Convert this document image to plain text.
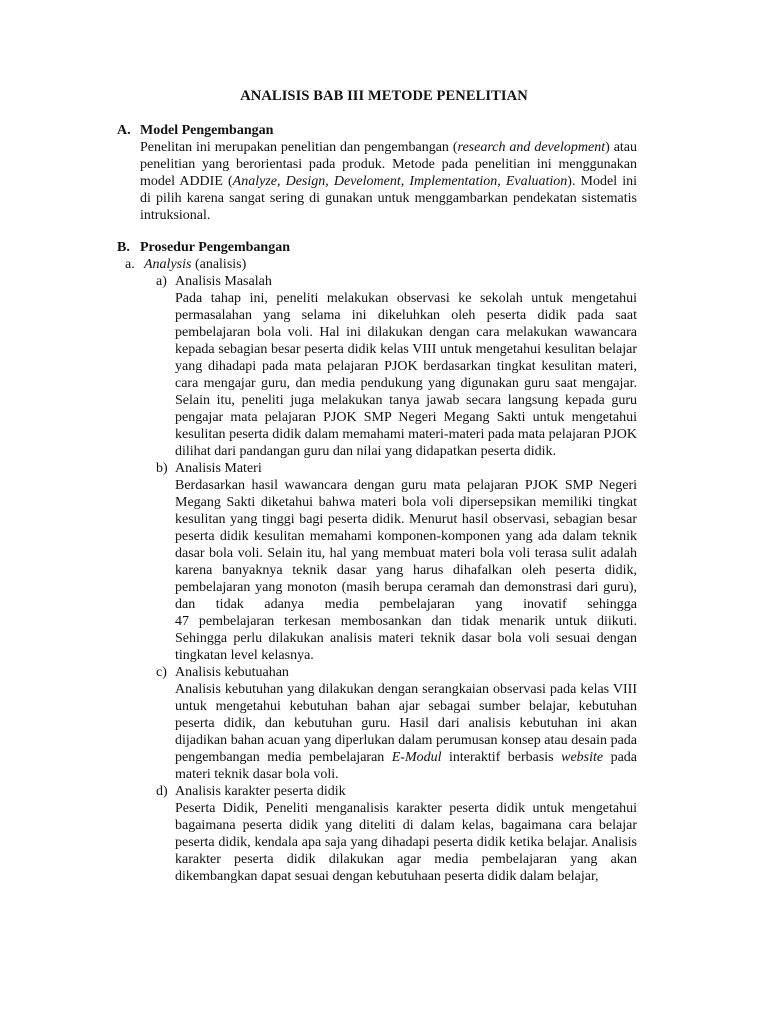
ANALISIS BAB III METODE PENELITIAN
A. Model Pengembangan
Penelitan ini merupakan penelitian dan pengembangan (research and development) atau penelitian yang berorientasi pada produk. Metode pada penelitian ini menggunakan model ADDIE (Analyze, Design, Develoment, Implementation, Evaluation). Model ini di pilih karena sangat sering di gunakan untuk menggambarkan pendekatan sistematis intruksional.
B. Prosedur Pengembangan
a. Analysis (analisis)
a) Analisis Masalah
Pada tahap ini, peneliti melakukan observasi ke sekolah untuk mengetahui permasalahan yang selama ini dikeluhkan oleh peserta didik pada saat pembelajaran bola voli. Hal ini dilakukan dengan cara melakukan wawancara kepada sebagian besar peserta didik kelas VIII untuk mengetahui kesulitan belajar yang dihadapi pada mata pelajaran PJOK berdasarkan tingkat kesulitan materi, cara mengajar guru, dan media pendukung yang digunakan guru saat mengajar. Selain itu, peneliti juga melakukan tanya jawab secara langsung kepada guru pengajar mata pelajaran PJOK SMP Negeri Megang Sakti untuk mengetahui kesulitan peserta didik dalam memahami materi-materi pada mata pelajaran PJOK dilihat dari pandangan guru dan nilai yang didapatkan peserta didik.
b) Analisis Materi
Berdasarkan hasil wawancara dengan guru mata pelajaran PJOK SMP Negeri Megang Sakti diketahui bahwa materi bola voli dipersepsikan memiliki tingkat kesulitan yang tinggi bagi peserta didik. Menurut hasil observasi, sebagian besar peserta didik kesulitan memahami komponen-komponen yang ada dalam teknik dasar bola voli. Selain itu, hal yang membuat materi bola voli terasa sulit adalah karena banyaknya teknik dasar yang harus dihafalkan oleh peserta didik, pembelajaran yang monoton (masih berupa ceramah dan demonstrasi dari guru), dan tidak adanya media pembelajaran yang inovatif sehingga
47 pembelajaran terkesan membosankan dan tidak menarik untuk diikuti. Sehingga perlu dilakukan analisis materi teknik dasar bola voli sesuai dengan tingkatan level kelasnya.
c) Analisis kebutuahan
Analisis kebutuhan yang dilakukan dengan serangkaian observasi pada kelas VIII untuk mengetahui kebutuhan bahan ajar sebagai sumber belajar, kebutuhan peserta didik, dan kebutuhan guru. Hasil dari analisis kebutuhan ini akan dijadikan bahan acuan yang diperlukan dalam perumusan konsep atau desain pada pengembangan media pembelajaran E-Modul interaktif berbasis website pada materi teknik dasar bola voli.
d) Analisis karakter peserta didik
Peserta Didik, Peneliti menganalisis karakter peserta didik untuk mengetahui bagaimana peserta didik yang diteliti di dalam kelas, bagaimana cara belajar peserta didik, kendala apa saja yang dihadapi peserta didik ketika belajar. Analisis karakter peserta didik dilakukan agar media pembelajaran yang akan dikembangkan dapat sesuai dengan kebutuhaan peserta didik dalam belajar,
